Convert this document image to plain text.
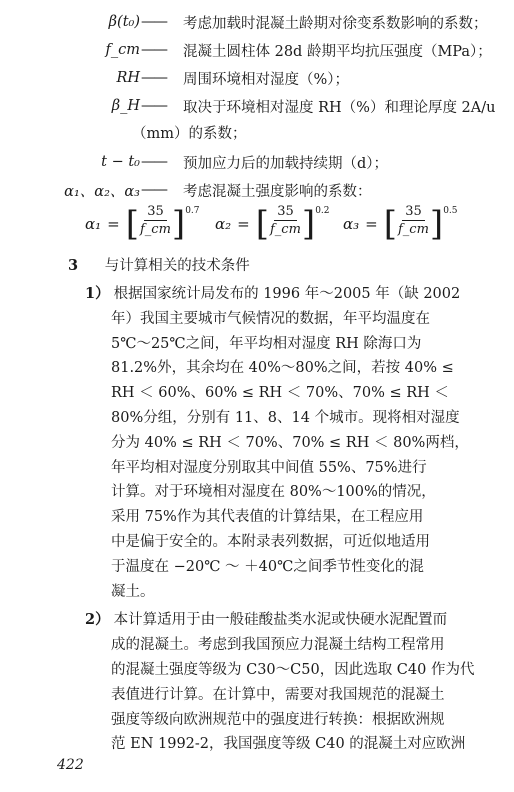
β(t₀) ——	考虑加载时混凝土龄期对徐变系数影响的系数；
f_cm ——	混凝土圆柱体 28d 龄期平均抗压强度（MPa）；
RH ——	周围环境相对湿度（%）；
β_H ——	取决于环境相对湿度 RH（%）和理论厚度 2A/u
（mm）的系数；
t − t₀ ——	预加应力后的加载持续期（d）；
α₁、α₂、α₃ ——	考虑混凝土强度影响的系数：
α₁ = [ $\frac{35}{f\_cm}$ ] 0.7
α₂ = [ $\frac{35}{f\_cm}$ ] 0.2
α₃ = [ $\frac{35}{f\_cm}$ ] 0.5
3 与计算相关的技术条件
1） 根据国家统计局发布的 1996 年～2005 年（缺 2002
年）我国主要城市气候情况的数据，年平均温度在
5℃～25℃之间，年平均相对湿度 RH 除海口为
81.2%外，其余均在 40%～80%之间，若按 40% ≤
RH ＜ 60%、60% ≤ RH ＜ 70%、70% ≤ RH ＜
80%分组，分别有 11、8、14 个城市。现将相对湿度
分为 40% ≤ RH ＜ 70%、70% ≤ RH ＜ 80%两档，
年平均相对湿度分别取其中间值 55%、75%进行
计算。对于环境相对湿度在 80%～100%的情况，
采用 75%作为其代表值的计算结果，在工程应用
中是偏于安全的。本附录表列数据，可近似地适用
于温度在 −20℃ ～ ＋40℃之间季节性变化的混
凝土。
2） 本计算适用于由一般硅酸盐类水泥或快硬水泥配置而
成的混凝土。考虑到我国预应力混凝土结构工程常用
的混凝土强度等级为 C30～C50，因此选取 C40 作为代
表值进行计算。在计算中，需要对我国规范的混凝土
强度等级向欧洲规范中的强度进行转换：根据欧洲规
范 EN 1992-2，我国强度等级 C40 的混凝土对应欧洲
422
